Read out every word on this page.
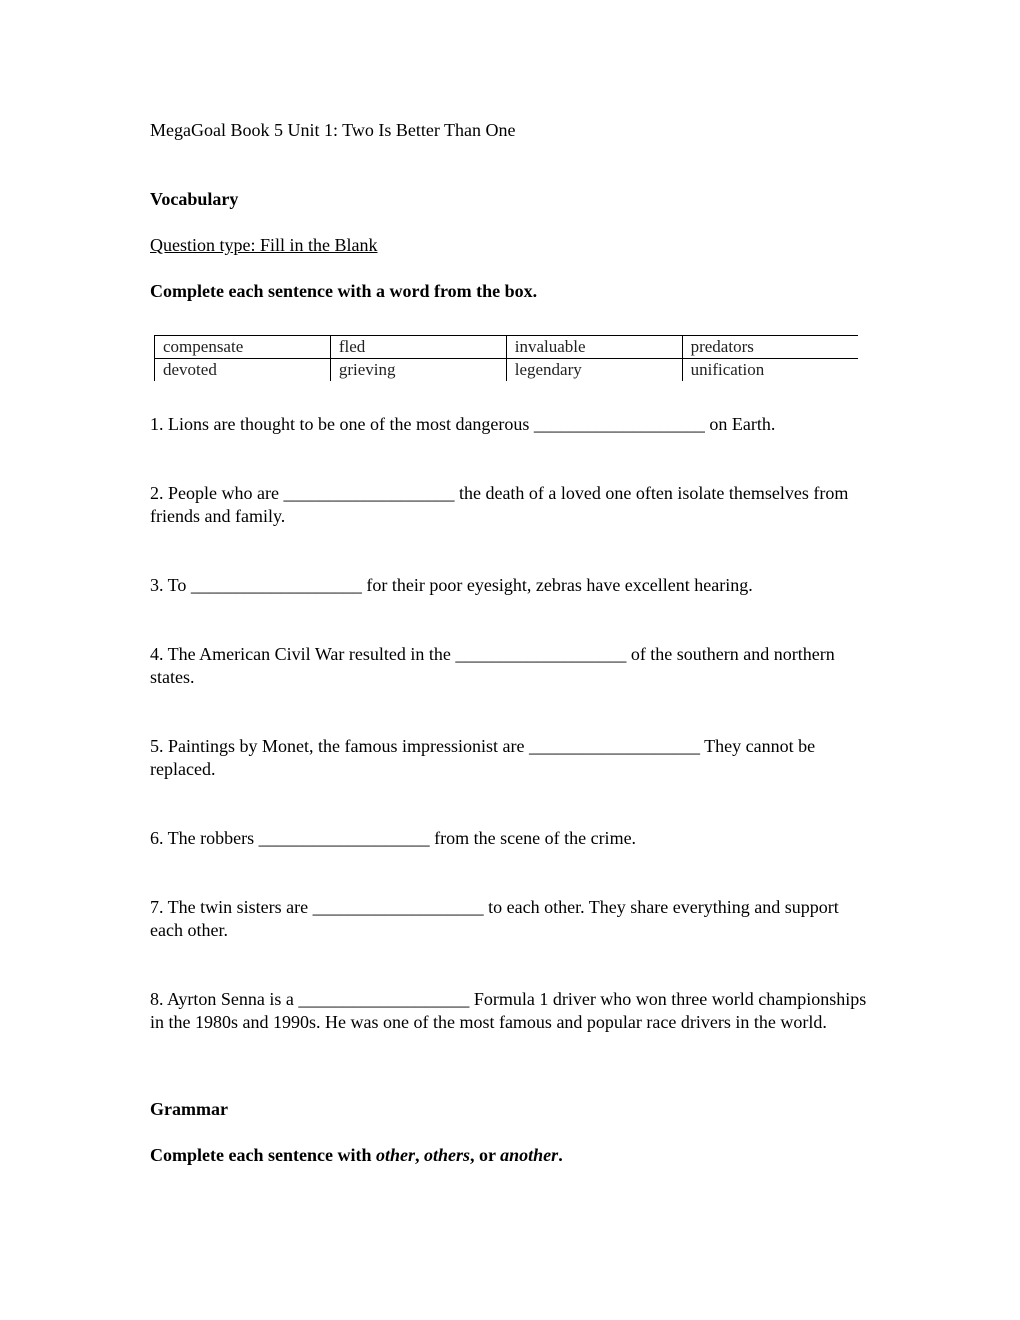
MegaGoal Book 5 Unit 1: Two Is Better Than One
Vocabulary
Question type: Fill in the Blank
Complete each sentence with a word from the box.
compensate	fled	invaluable	predators
devoted	grieving	legendary	unification
1. Lions are thought to be one of the most dangerous ___________________ on Earth.
2. People who are ___________________ the death of a loved one often isolate themselves from friends and family.
3. To ___________________ for their poor eyesight, zebras have excellent hearing.
4. The American Civil War resulted in the ___________________ of the southern and northern states.
5. Paintings by Monet, the famous impressionist are ___________________ They cannot be replaced.
6. The robbers ___________________ from the scene of the crime.
7. The twin sisters are ___________________ to each other. They share everything and support each other.
8. Ayrton Senna is a ___________________ Formula 1 driver who won three world championships in the 1980s and 1990s. He was one of the most famous and popular race drivers in the world.
Grammar
Complete each sentence with other, others, or another.
